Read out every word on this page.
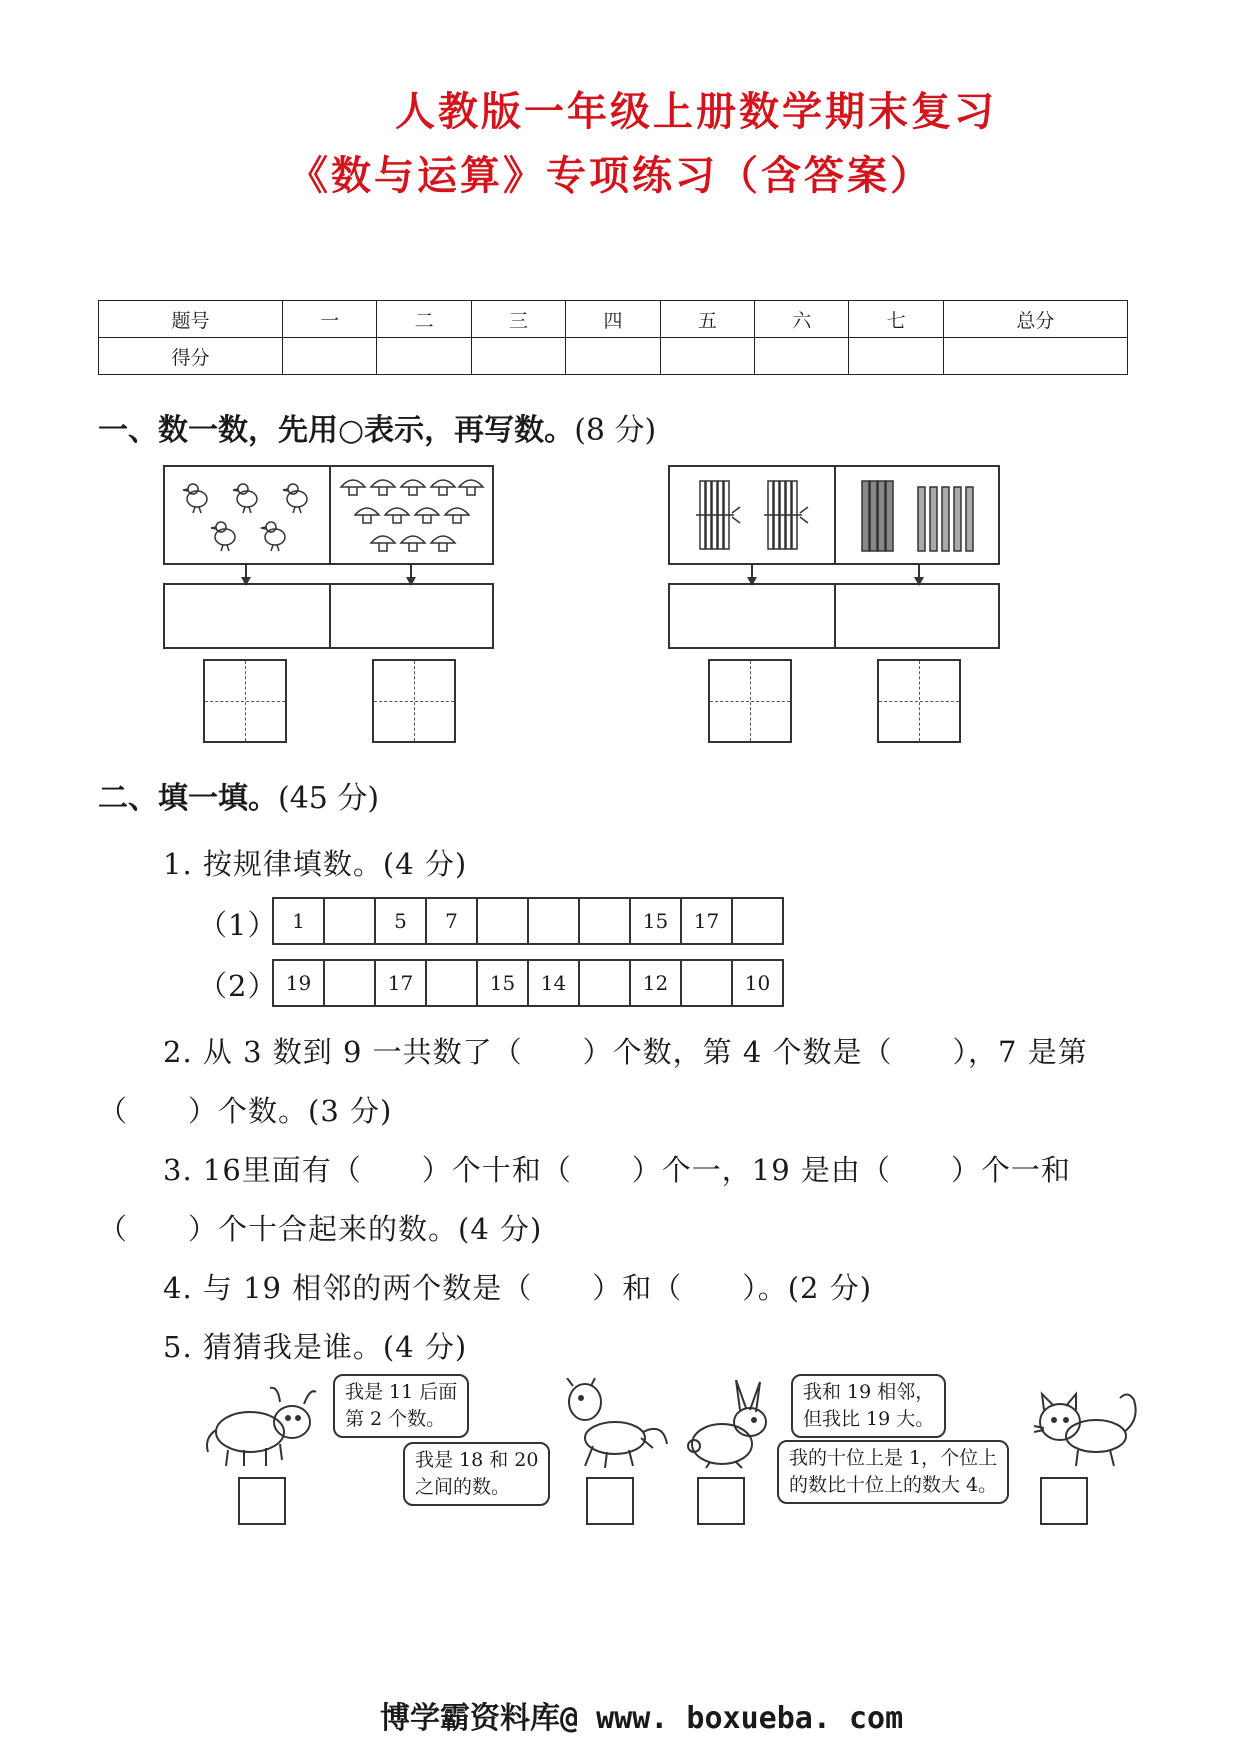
人教版一年级上册数学期末复习
《数与运算》专项练习（含答案）
题号	一	二	三	四	五	六	七	总分
得分								
一、数一数，先用○表示，再写数。(8 分)
二、填一填。(45 分)
1. 按规律填数。(4 分)
（1） 1		5	7				15	17	
（2） 19		17		15	14		12		10
2. 从 3 数到 9 一共数了（　　）个数，第 4 个数是（　　），7 是第
（　　）个数。(3 分)
3. 16里面有（　　）个十和（　　）个一，19 是由（　　）个一和
（　　）个十合起来的数。(4 分)
4. 与 19 相邻的两个数是（　　）和（　　）。(2 分)
5. 猜猜我是谁。(4 分)
我是 11 后面
第 2 个数。
我是 18 和 20
之间的数。
我和 19 相邻，
但我比 19 大。
我的十位上是 1，个位上
的数比十位上的数大 4。
博学霸资料库@ www. boxueba. com
